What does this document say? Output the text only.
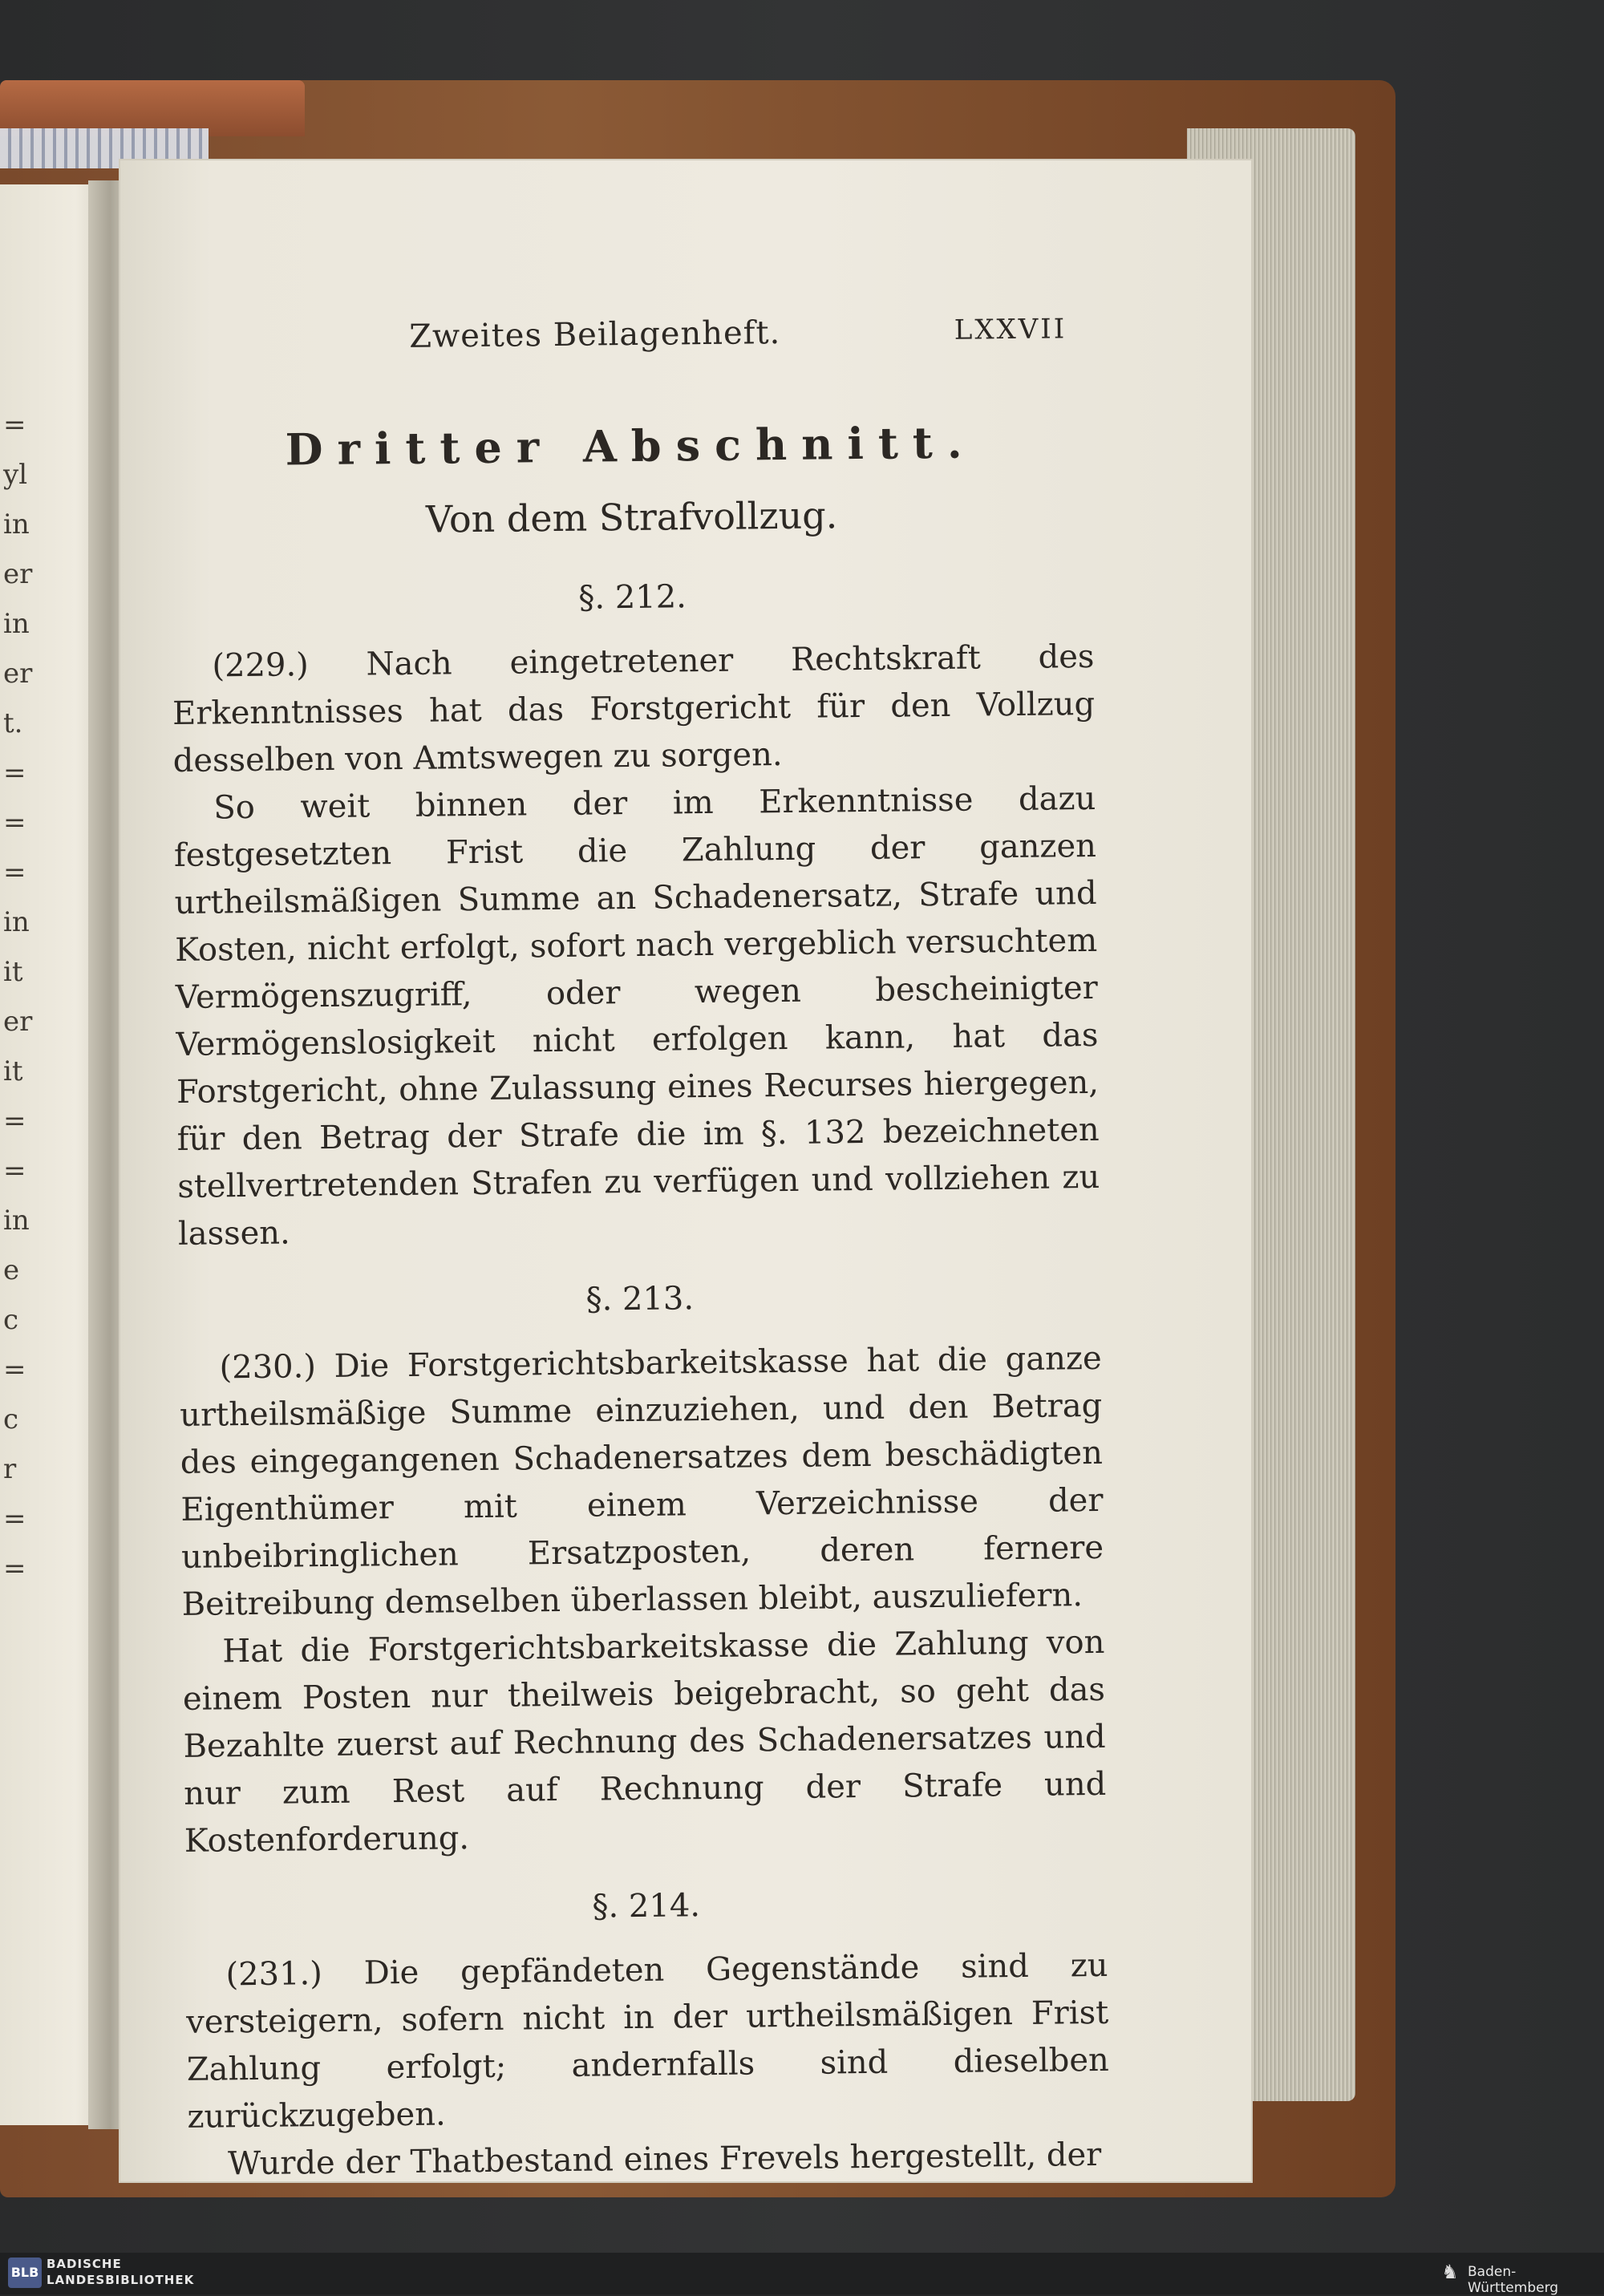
=
yl
in
er
in
er
t.
=
=
=
in
it
er
it
=
=
in
e
c
=
c
r
=
=
Zweites Beilagenheft.	LXXVII
Dritter Abschnitt.
Von dem Strafvollzug.
§. 212.

(229.) Nach eingetretener Rechtskraft des Erkenntnisses hat das Forstgericht für den Vollzug desselben von Amtswegen zu sorgen.

So weit binnen der im Erkenntnisse dazu festgesetzten Frist die Zahlung der ganzen urtheilsmäßigen Summe an Schadenersatz, Strafe und Kosten, nicht erfolgt, sofort nach vergeblich versuchtem Vermögenszugriff, oder wegen bescheinigter Vermögenslosigkeit nicht erfolgen kann, hat das Forstgericht, ohne Zulassung eines Recurses hiergegen, für den Betrag der Strafe die im §. 132 bezeichneten stellvertretenden Strafen zu verfügen und vollziehen zu lassen.

§. 213.

(230.) Die Forstgerichtsbarkeitskasse hat die ganze urtheilsmäßige Summe einzuziehen, und den Betrag des eingegangenen Schadenersatzes dem beschädigten Eigenthümer mit einem Verzeichnisse der unbeibringlichen Ersatzposten, deren fernere Beitreibung demselben überlassen bleibt, auszuliefern.

Hat die Forstgerichtsbarkeitskasse die Zahlung von einem Posten nur theilweis beigebracht, so geht das Bezahlte zuerst auf Rechnung des Schadenersatzes und nur zum Rest auf Rechnung der Strafe und Kostenforderung.

§. 214.

(231.) Die gepfändeten Gegenstände sind zu versteigern, sofern nicht in der urtheilsmäßigen Frist Zahlung erfolgt; andernfalls sind dieselben zurückzugeben.

Wurde der Thatbestand eines Frevels hergestellt, der

BLB
BADISCHE
LANDESBIBLIOTHEK	♞ Baden-Württemberg
